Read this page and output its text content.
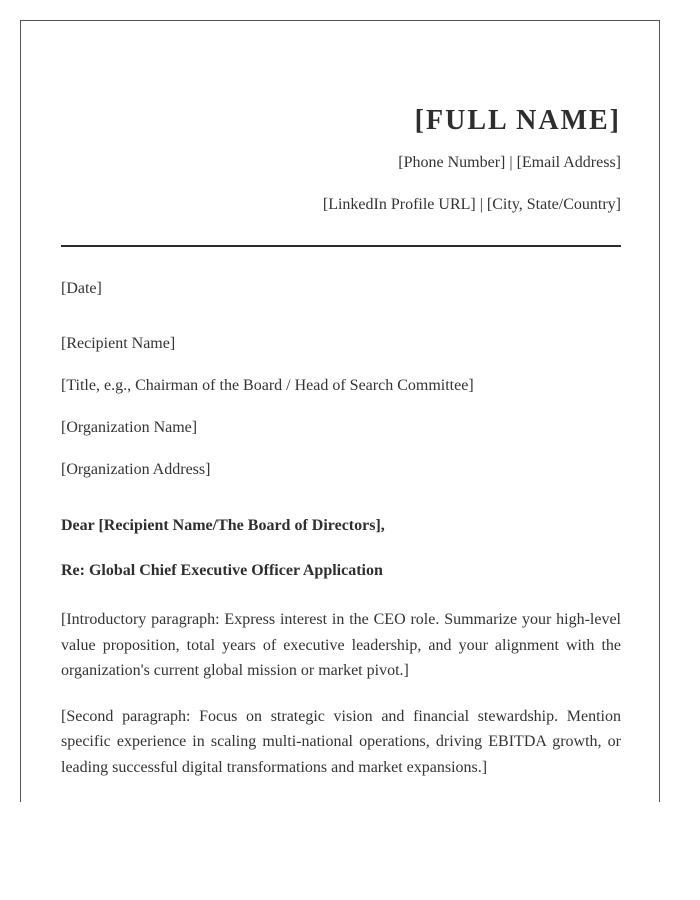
[FULL NAME]
[Phone Number] | [Email Address]
[LinkedIn Profile URL] | [City, State/Country]
[Date]
[Recipient Name]
[Title, e.g., Chairman of the Board / Head of Search Committee]
[Organization Name]
[Organization Address]
Dear [Recipient Name/The Board of Directors],
Re: Global Chief Executive Officer Application
[Introductory paragraph: Express interest in the CEO role. Summarize your high-level value proposition, total years of executive leadership, and your alignment with the organization's current global mission or market pivot.]
[Second paragraph: Focus on strategic vision and financial stewardship. Mention specific experience in scaling multi-national operations, driving EBITDA growth, or leading successful digital transformations and market expansions.]
